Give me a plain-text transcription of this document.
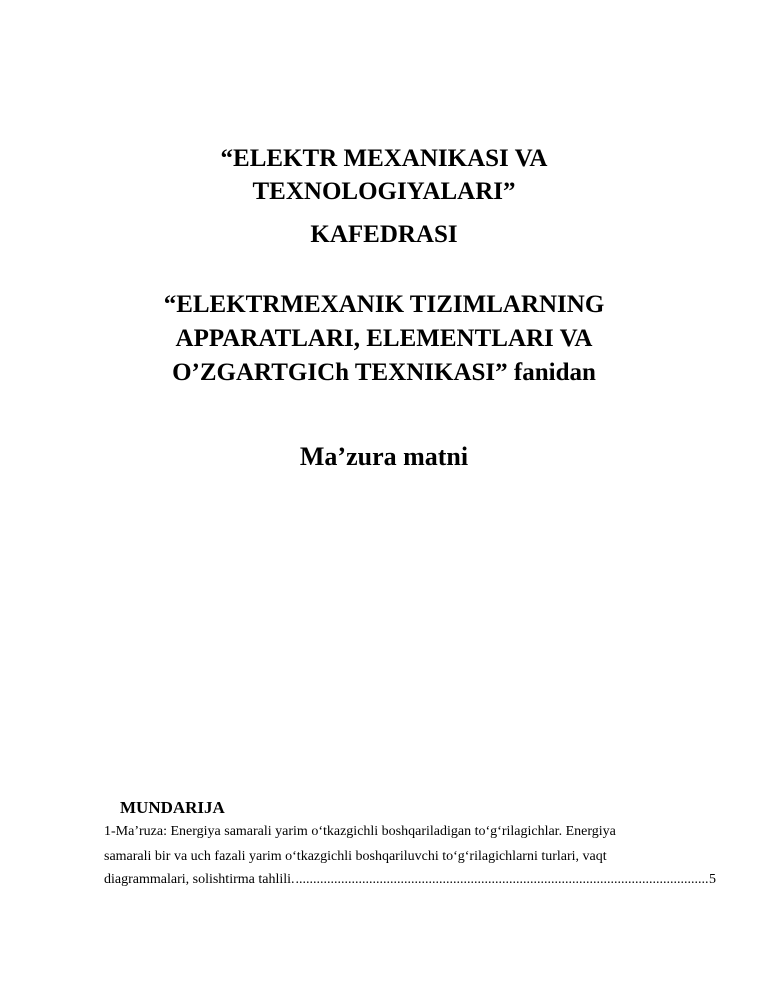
“ELEKTR MEXANIKASI VA

TEXNOLOGIYALARI”

KAFEDRASI

“ELEKTRMEXANIK TIZIMLARNING

APPARATLARI, ELEMENTLARI VA

O’ZGARTGICh TEXNIKASI” fanidan

Ma’zura matni

MUNDARIJA

1-Ma’ruza: Energiya samarali yarim o‘tkazgichli boshqariladigan to‘g‘rilagichlar. Energiya

samarali bir va uch fazali yarim o‘tkazgichli boshqariluvchi to‘g‘rilagichlarni turlari, vaqt

diagrammalari, solishtirma tahlili.
.....	5
